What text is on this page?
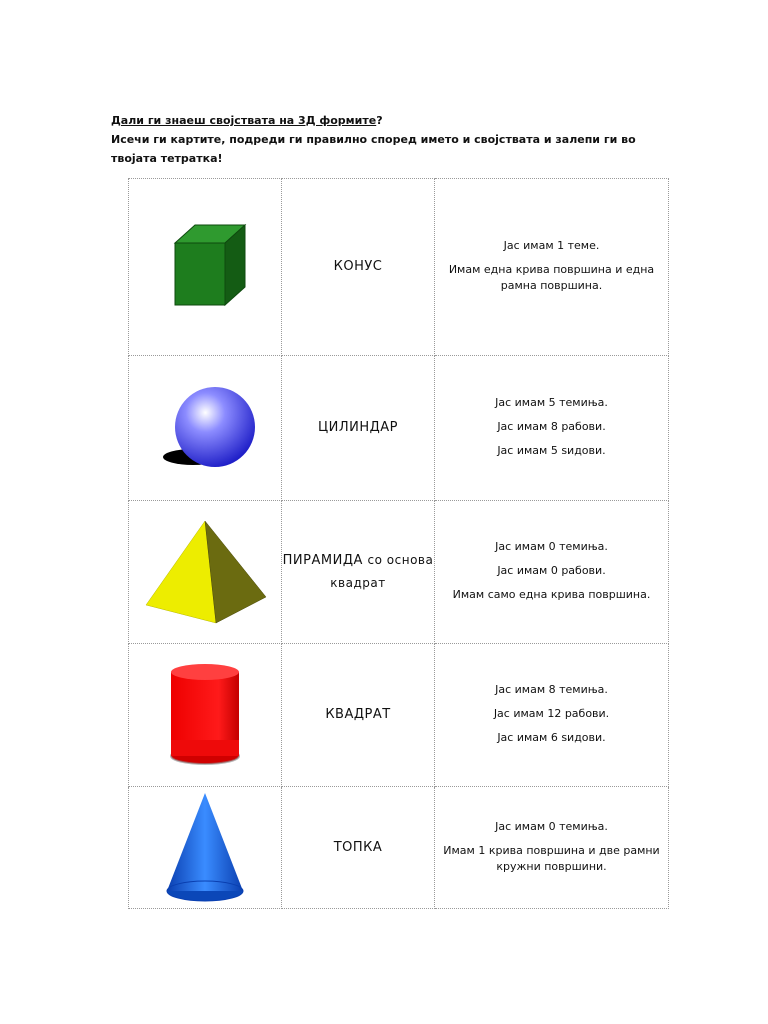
Дали ги знаеш својствата на 3Д формите?
Исечи ги картите, подреди ги правилно според името и својствата и залепи ги во твојата тетратка!
	КОНУС	Јас имам 1 теме.

Имам една крива површина и една рамна површина.

	ЦИЛИНДАР	Јас имам 5 темиња.

Јас имам 8 рабови.

Јас имам 5 ѕидови.

	ПИРАМИДА со основа квадрат	Јас имам 0 темиња.

Јас имам 0 рабови.

Имам само една крива површина.

	КВАДРАТ	Јас имам 8 темиња.

Јас имам 12 рабови.

Јас имам 6 ѕидови.

	ТОПКА	Јас имам 0 темиња.

Имам 1 крива површина и две рамни кружни површини.
